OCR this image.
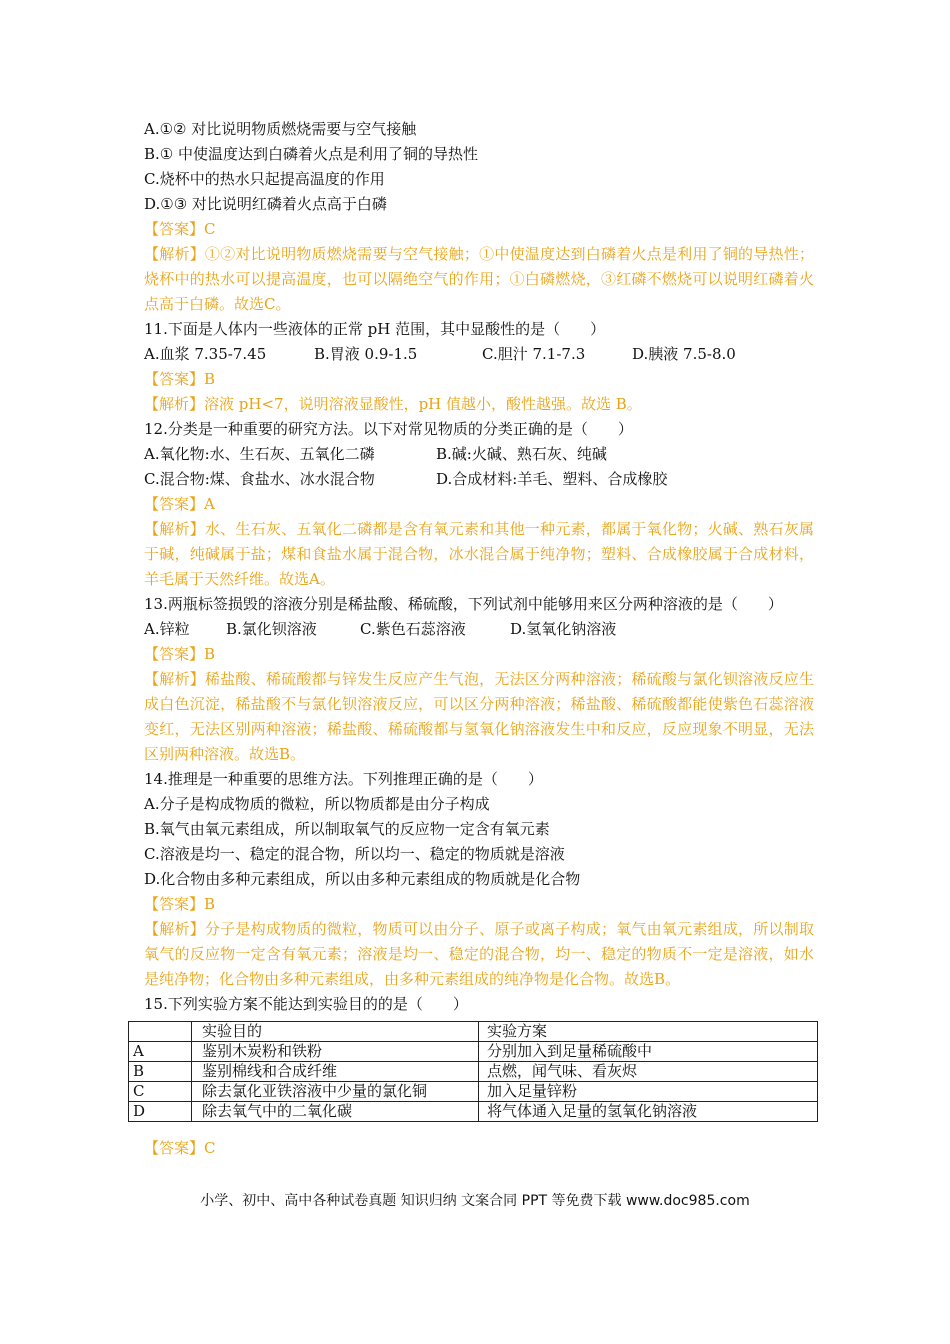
A.①② 对比说明物质燃烧需要与空气接触
B.① 中使温度达到白磷着火点是利用了铜的导热性
C.烧杯中的热水只起提高温度的作用
D.①③ 对比说明红磷着火点高于白磷
【答案】C
【解析】①②对比说明物质燃烧需要与空气接触；①中使温度达到白磷着火点是利用了铜的导热性；烧杯中的热水可以提高温度，也可以隔绝空气的作用；①白磷燃烧，③红磷不燃烧可以说明红磷着火点高于白磷。故选C。
11.下面是人体内一些液体的正常 pH 范围，其中显酸性的是（　　）
A.血浆 7.35-7.45	B.胃液 0.9-1.5	C.胆汁 7.1-7.3	D.胰液 7.5-8.0
【答案】B
【解析】溶液 pH<7，说明溶液显酸性，pH 值越小，酸性越强。故选 B。
12.分类是一种重要的研究方法。以下对常见物质的分类正确的是（　　）
A.氧化物:水、生石灰、五氧化二磷	B.碱:火碱、熟石灰、纯碱
C.混合物:煤、食盐水、冰水混合物	D.合成材料:羊毛、塑料、合成橡胶
【答案】A
【解析】水、生石灰、五氧化二磷都是含有氧元素和其他一种元素，都属于氧化物；火碱、熟石灰属于碱，纯碱属于盐；煤和食盐水属于混合物，冰水混合属于纯净物；塑料、合成橡胶属于合成材料，羊毛属于天然纤维。故选A。
13.两瓶标签损毁的溶液分别是稀盐酸、稀硫酸，下列试剂中能够用来区分两种溶液的是（　　）
A.锌粒 B.氯化钡溶液	C.紫色石蕊溶液	D.氢氧化钠溶液
【答案】B
【解析】稀盐酸、稀硫酸都与锌发生反应产生气泡，无法区分两种溶液；稀硫酸与氯化钡溶液反应生成白色沉淀，稀盐酸不与氯化钡溶液反应，可以区分两种溶液；稀盐酸、稀硫酸都能使紫色石蕊溶液变红，无法区别两种溶液；稀盐酸、稀硫酸都与氢氧化钠溶液发生中和反应，反应现象不明显，无法区别两种溶液。故选B。
14.推理是一种重要的思维方法。下列推理正确的是（　　）
A.分子是构成物质的微粒，所以物质都是由分子构成
B.氧气由氧元素组成，所以制取氧气的反应物一定含有氧元素
C.溶液是均一、稳定的混合物，所以均一、稳定的物质就是溶液
D.化合物由多种元素组成，所以由多种元素组成的物质就是化合物
【答案】B
【解析】分子是构成物质的微粒，物质可以由分子、原子或离子构成；氧气由氧元素组成，所以制取氧气的反应物一定含有氧元素；溶液是均一、稳定的混合物，均一、稳定的物质不一定是溶液，如水是纯净物；化合物由多种元素组成，由多种元素组成的纯净物是化合物。故选B。
15.下列实验方案不能达到实验目的的是（　　）
	实验目的	实验方案
A	鉴别木炭粉和铁粉	分别加入到足量稀硫酸中
B	鉴别棉线和合成纤维	点燃，闻气味、看灰烬
C	除去氯化亚铁溶液中少量的氯化铜	加入足量锌粉
D	除去氧气中的二氧化碳	将气体通入足量的氢氧化钠溶液
【答案】C
小学、初中、高中各种试卷真题 知识归纳 文案合同 PPT 等免费下载 www.doc985.com
